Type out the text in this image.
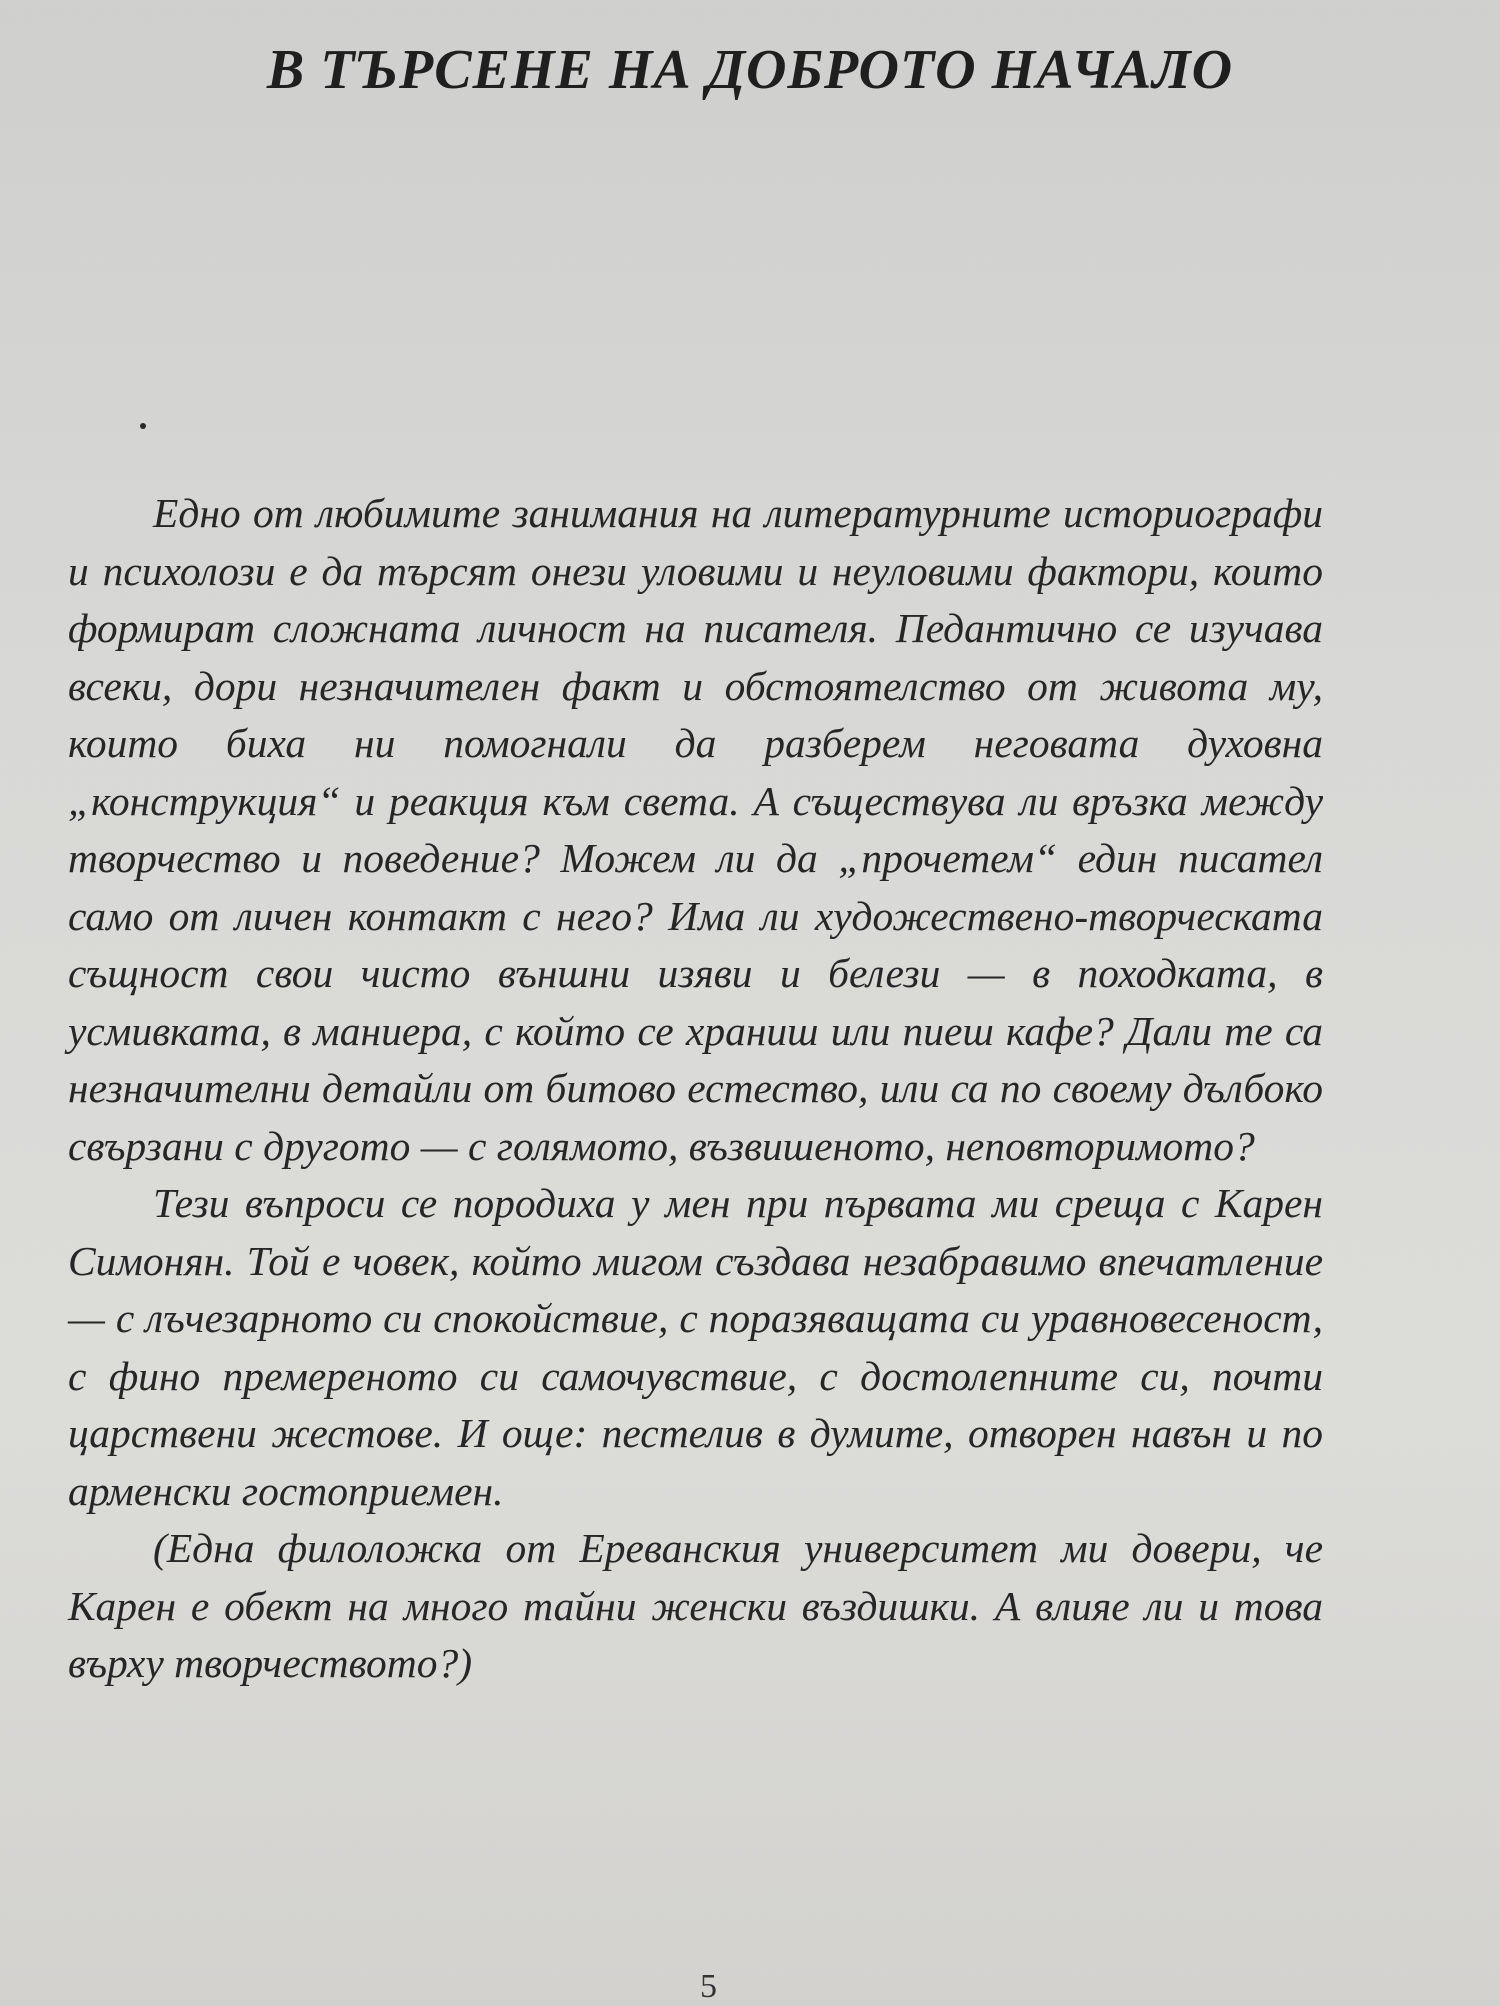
В ТЪРСЕНЕ НА ДОБРОТО НАЧАЛО

Едно от любимите занимания на литературните историографи и психолози е да търсят онези уловими и неуловими фактори, които формират сложната личност на писателя. Педантично се изучава всеки, дори незначителен факт и обстоятелство от живота му, които биха ни помогнали да разберем неговата духовна „конструкция“ и реакция към света. А съществува ли връзка между творчество и поведение? Можем ли да „прочетем“ един писател само от личен контакт с него? Има ли художествено-творческата същност свои чисто външни изяви и белези — в походката, в усмивката, в маниера, с който се храниш или пиеш кафе? Дали те са незначителни детайли от битово естество, или са по своему дълбоко свързани с другото — с голямото, възвишеното, неповторимото?

Тези въпроси се породиха у мен при първата ми среща с Карен Симонян. Той е човек, който мигом създава незабравимо впечатление — с лъчезарното си спокойствие, с поразяващата си уравновесеност, с фино премереното си самочувствие, с достолепните си, почти царствени жестове. И още: пестелив в думите, отворен навън и по арменски гостоприемен.

(Една филоложка от Ереванския университет ми довери, че Карен е обект на много тайни женски въздишки. А влияе ли и това върху творчеството?)

5
